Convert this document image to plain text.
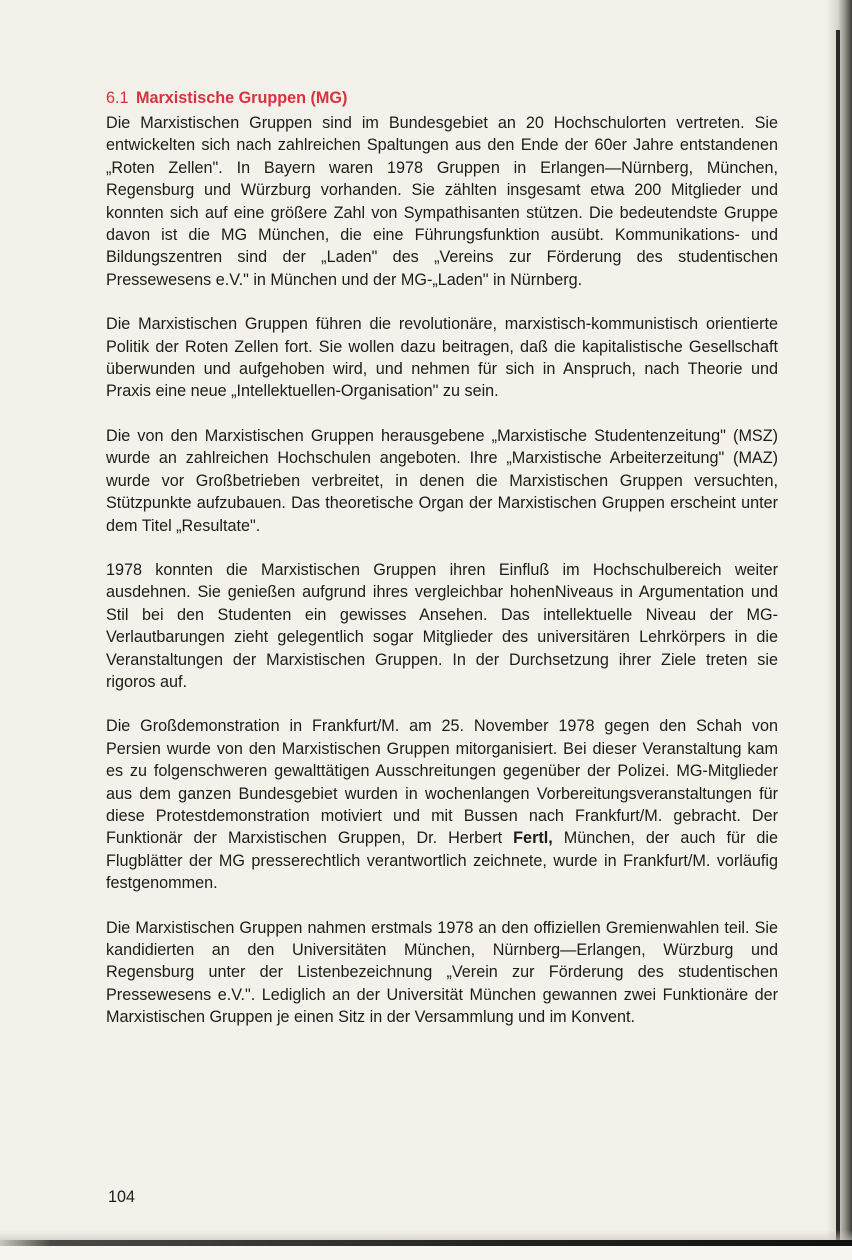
6.1 Marxistische Gruppen (MG)

Die Marxistischen Gruppen sind im Bundesgebiet an 20 Hochschulorten vertreten. Sie entwickelten sich nach zahlreichen Spaltungen aus den Ende der 60er Jahre entstandenen „Roten Zellen". In Bayern waren 1978 Gruppen in Erlangen—Nürnberg, München, Regensburg und Würzburg vorhanden. Sie zählten insgesamt etwa 200 Mitglieder und konnten sich auf eine größere Zahl von Sympathisanten stützen. Die bedeutendste Gruppe davon ist die MG München, die eine Führungsfunktion ausübt. Kommunikations- und Bildungszentren sind der „Laden" des „Vereins zur Förderung des studentischen Pressewesens e.V." in München und der MG-„Laden" in Nürnberg.

Die Marxistischen Gruppen führen die revolutionäre, marxistisch-kommunistisch orientierte Politik der Roten Zellen fort. Sie wollen dazu beitragen, daß die kapitalistische Gesellschaft überwunden und aufgehoben wird, und nehmen für sich in Anspruch, nach Theorie und Praxis eine neue „Intellektuellen-Organisation" zu sein.

Die von den Marxistischen Gruppen herausgebene „Marxistische Studentenzeitung" (MSZ) wurde an zahlreichen Hochschulen angeboten. Ihre „Marxistische Arbeiterzeitung" (MAZ) wurde vor Großbetrieben verbreitet, in denen die Marxistischen Gruppen versuchten, Stützpunkte aufzubauen. Das theoretische Organ der Marxistischen Gruppen erscheint unter dem Titel „Resultate".

1978 konnten die Marxistischen Gruppen ihren Einfluß im Hochschulbereich weiter ausdehnen. Sie genießen aufgrund ihres vergleichbar hohenNiveaus in Argumentation und Stil bei den Studenten ein gewisses Ansehen. Das intellektuelle Niveau der MG-Verlautbarungen zieht gelegentlich sogar Mitglieder des universitären Lehrkörpers in die Veranstaltungen der Marxistischen Gruppen. In der Durchsetzung ihrer Ziele treten sie rigoros auf.

Die Großdemonstration in Frankfurt/M. am 25. November 1978 gegen den Schah von Persien wurde von den Marxistischen Gruppen mitorganisiert. Bei dieser Veranstaltung kam es zu folgenschweren gewalttätigen Ausschreitungen gegenüber der Polizei. MG-Mitglieder aus dem ganzen Bundesgebiet wurden in wochenlangen Vorbereitungsveranstaltungen für diese Protestdemonstration motiviert und mit Bussen nach Frankfurt/M. gebracht. Der Funktionär der Marxistischen Gruppen, Dr. Herbert Fertl, München, der auch für die Flugblätter der MG presserechtlich verantwortlich zeichnete, wurde in Frankfurt/M. vorläufig festgenommen.

Die Marxistischen Gruppen nahmen erstmals 1978 an den offiziellen Gremienwahlen teil. Sie kandidierten an den Universitäten München, Nürnberg—Erlangen, Würzburg und Regensburg unter der Listenbezeichnung „Verein zur Förderung des studentischen Pressewesens e.V.". Lediglich an der Universität München gewannen zwei Funktionäre der Marxistischen Gruppen je einen Sitz in der Versammlung und im Konvent.

104
